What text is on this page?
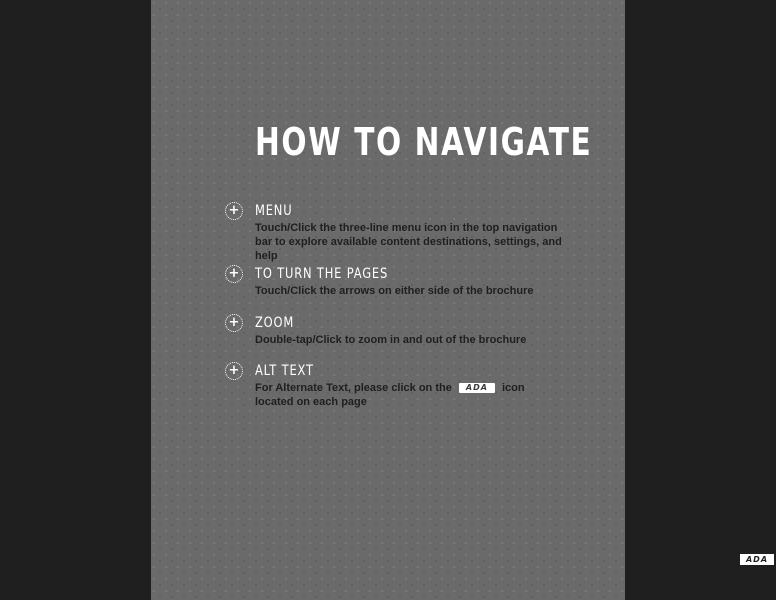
HOW TO NAVIGATE
+ MENU
Touch/Click the three-line menu icon in the top navigation bar to explore available content destinations, settings, and help
+ TO TURN THE PAGES
Touch/Click the arrows on either side of the brochure
+ ZOOM
Double-tap/Click to zoom in and out of the brochure
+ ALT TEXT
For Alternate Text, please click on the ADA icon located on each page
ADA
